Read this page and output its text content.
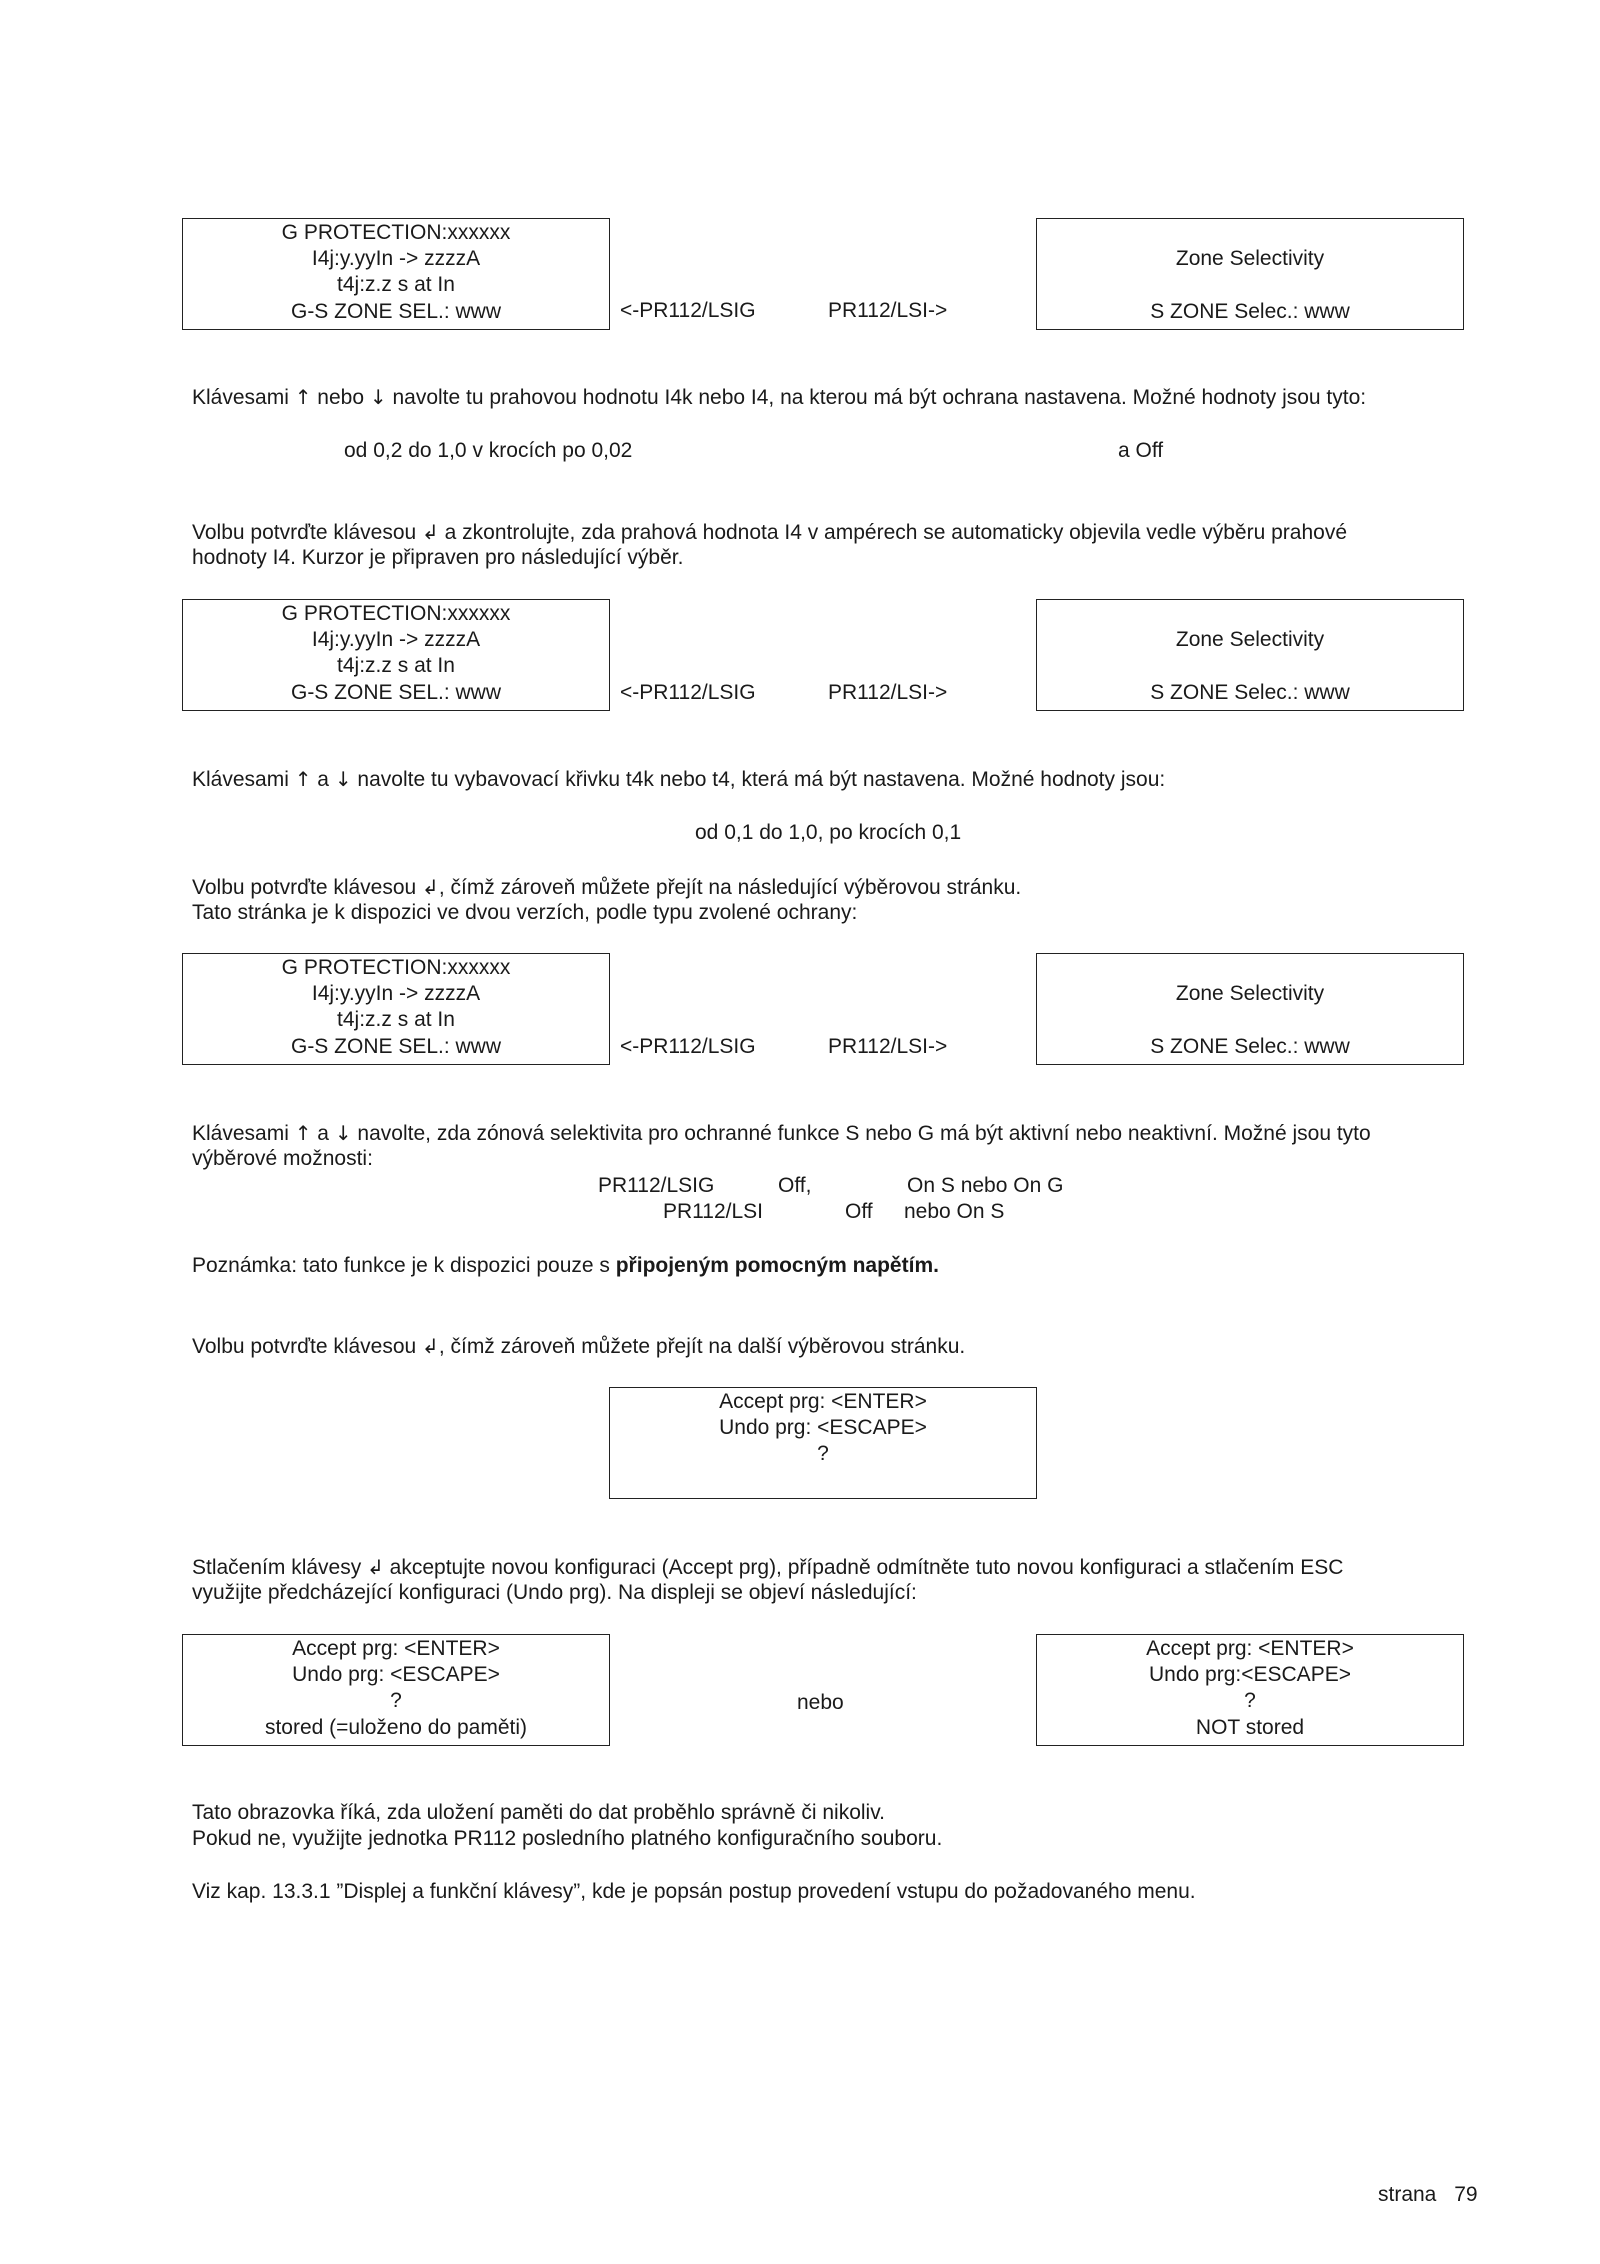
G PROTECTION:xxxxxx
I4j:y.yyIn -> zzzzA
t4j:z.z s at In
G-S ZONE SEL.: www	<-PR112/LSIG	PR112/LSI->
Zone Selectivity
S ZONE Selec.: www
Klávesami ↑ nebo ↓ navolte tu prahovou hodnotu I4k nebo I4, na kterou má být ochrana nastavena. Možné hodnoty jsou tyto:
od 0,2 do 1,0 v krocích po 0,02	a Off
Volbu potvrďte klávesou ↲ a zkontrolujte, zda prahová hodnota I4 v ampérech se automaticky objevila vedle výběru prahové
hodnoty I4. Kurzor je připraven pro následující výběr.
G PROTECTION:xxxxxx
I4j:y.yyIn -> zzzzA
t4j:z.z s at In
G-S ZONE SEL.: www	<-PR112/LSIG	PR112/LSI->
Zone Selectivity
S ZONE Selec.: www
Klávesami ↑ a ↓ navolte tu vybavovací křivku t4k nebo t4, která má být nastavena. Možné hodnoty jsou:
od 0,1 do 1,0, po krocích 0,1
Volbu potvrďte klávesou ↲, čímž zároveň můžete přejít na následující výběrovou stránku.
Tato stránka je k dispozici ve dvou verzích, podle typu zvolené ochrany:
G PROTECTION:xxxxxx
I4j:y.yyIn -> zzzzA
t4j:z.z s at In
G-S ZONE SEL.: www	<-PR112/LSIG	PR112/LSI->
Zone Selectivity
S ZONE Selec.: www
Klávesami ↑ a ↓ navolte, zda zónová selektivita pro ochranné funkce S nebo G má být aktivní nebo neaktivní. Možné jsou tyto
výběrové možnosti:
PR112/LSIG	Off,	On S nebo On G
PR112/LSI	Off nebo On S
Poznámka: tato funkce je k dispozici pouze s připojeným pomocným napětím.
Volbu potvrďte klávesou ↲, čímž zároveň můžete přejít na další výběrovou stránku.
Accept prg: <ENTER>
Undo prg: <ESCAPE>
?
Stlačením klávesy ↲ akceptujte novou konfiguraci (Accept prg), případně odmítněte tuto novou konfiguraci a stlačením ESC
využijte předcházející konfiguraci (Undo prg). Na displeji se objeví následující:
Accept prg: <ENTER>
Undo prg: <ESCAPE>
?
stored (=uloženo do paměti)
nebo
Accept prg: <ENTER>
Undo prg:<ESCAPE>
?
NOT stored
Tato obrazovka říká, zda uložení paměti do dat proběhlo správně či nikoliv.
Pokud ne, využijte jednotka PR112 posledního platného konfiguračního souboru.
Viz kap. 13.3.1 ”Displej a funkční klávesy”, kde je popsán postup provedení vstupu do požadovaného menu.
strana 79
